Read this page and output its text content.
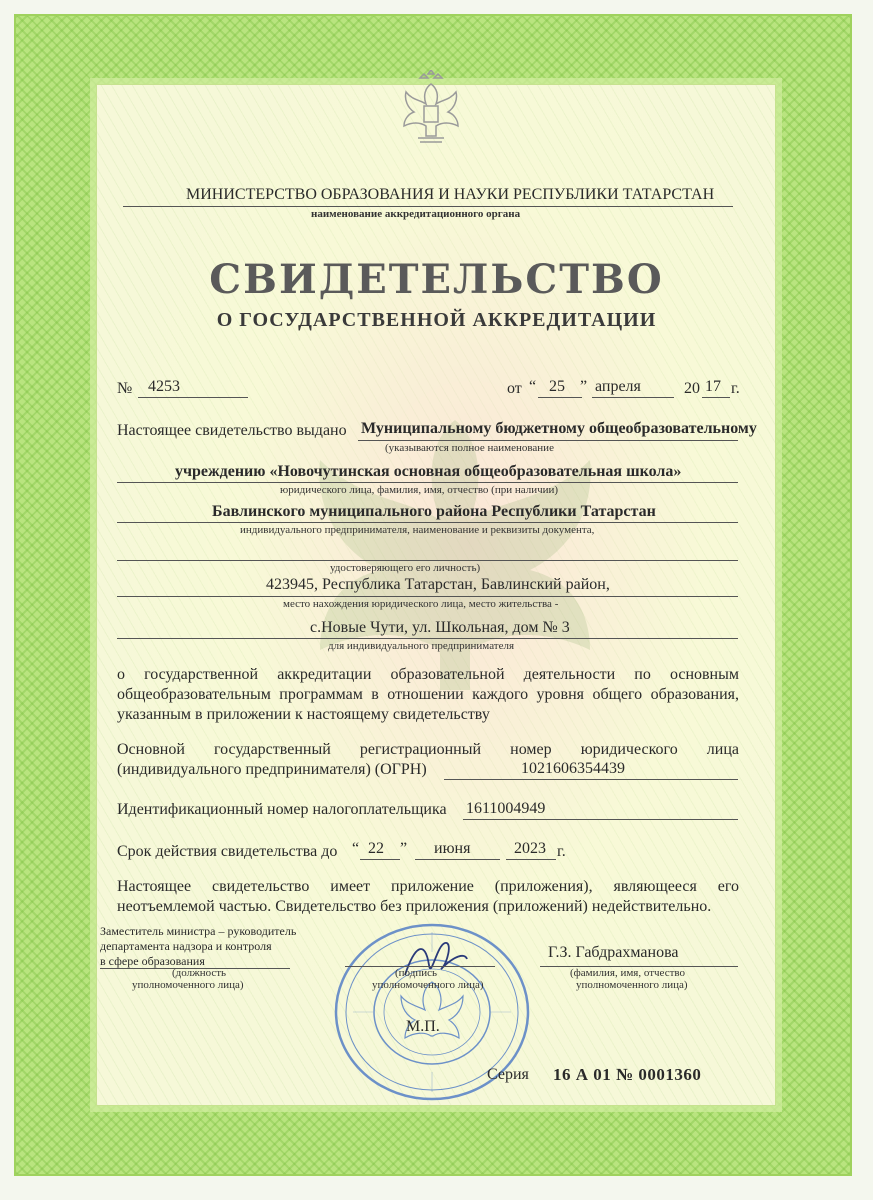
МИНИСТЕРСТВО ОБРАЗОВАНИЯ И НАУКИ РЕСПУБЛИКИ ТАТАРСТАН
наименование аккредитационного органа
СВИДЕТЕЛЬСТВО
О ГОСУДАРСТВЕННОЙ АККРЕДИТАЦИИ
№ 4253	от “ 25 ” апреля	20 17 г.
Настоящее свидетельство выдано Муниципальному бюджетному общеобразовательному
(указываются полное наименование
учреждению «Новочутинская основная общеобразовательная школа»
юридического лица, фамилия, имя, отчество (при наличии)
Бавлинского муниципального района Республики Татарстан
индивидуального предпринимателя, наименование и реквизиты документа,
удостоверяющего его личность)
423945, Республика Татарстан, Бавлинский район,
место нахождения юридического лица, место жительства -
с.Новые Чути, ул. Школьная, дом № 3
для индивидуального предпринимателя
о государственной аккредитации образовательной деятельности по основным общеобразовательным программам в отношении каждого уровня общего образования, указанным в приложении к настоящему свидетельству
Основной государственный регистрационный номер юридического лица
(индивидуального предпринимателя) (ОГРН)	1021606354439
Идентификационный номер налогоплательщика 1611004949
Срок действия свидетельства до “ 22 ” июня	2023 г.
Настоящее свидетельство имеет приложение (приложения), являющееся его неотъемлемой частью. Свидетельство без приложения (приложений) недействительно.
Заместитель министра – руководитель
департамента надзора и контроля
в сфере образования
(должность
уполномоченного лица)
(подпись
уполномоченного лица)
Г.З. Габдрахманова
(фамилия, имя, отчество
уполномоченного лица)
М.П.
Серия 16 А 01 № 0001360
